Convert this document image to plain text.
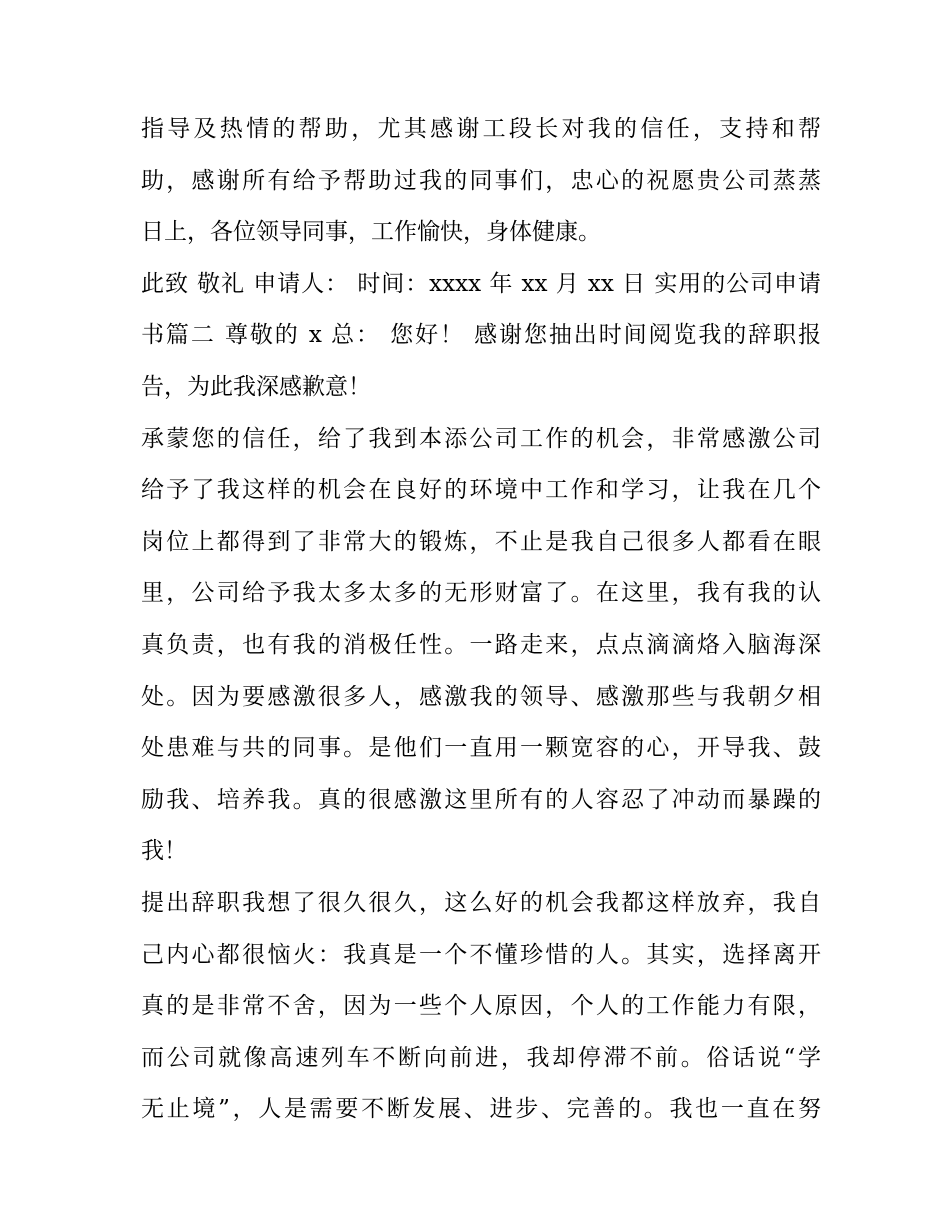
指导及热情的帮助，尤其感谢工段长对我的信任，支持和帮
助，感谢所有给予帮助过我的同事们，忠心的祝愿贵公司蒸蒸
日上，各位领导同事，工作愉快，身体健康。
此致 敬礼 申请人： 时间：xxxx 年 xx 月 xx 日 实用的公司申请
书篇二 尊敬的 x 总： 您好！ 感谢您抽出时间阅览我的辞职报
告，为此我深感歉意！
承蒙您的信任，给了我到本添公司工作的机会，非常感激公司
给予了我这样的机会在良好的环境中工作和学习，让我在几个
岗位上都得到了非常大的锻炼，不止是我自己很多人都看在眼
里，公司给予我太多太多的无形财富了。在这里，我有我的认
真负责，也有我的消极任性。一路走来，点点滴滴烙入脑海深
处。因为要感激很多人，感激我的领导、感激那些与我朝夕相
处患难与共的同事。是他们一直用一颗宽容的心，开导我、鼓
励我、培养我。真的很感激这里所有的人容忍了冲动而暴躁的
我！
提出辞职我想了很久很久，这么好的机会我都这样放弃，我自
己内心都很恼火：我真是一个不懂珍惜的人。其实，选择离开
真的是非常不舍，因为一些个人原因，个人的工作能力有限，
而公司就像高速列车不断向前进，我却停滞不前。俗话说“学
无止境”，人是需要不断发展、进步、完善的。我也一直在努
